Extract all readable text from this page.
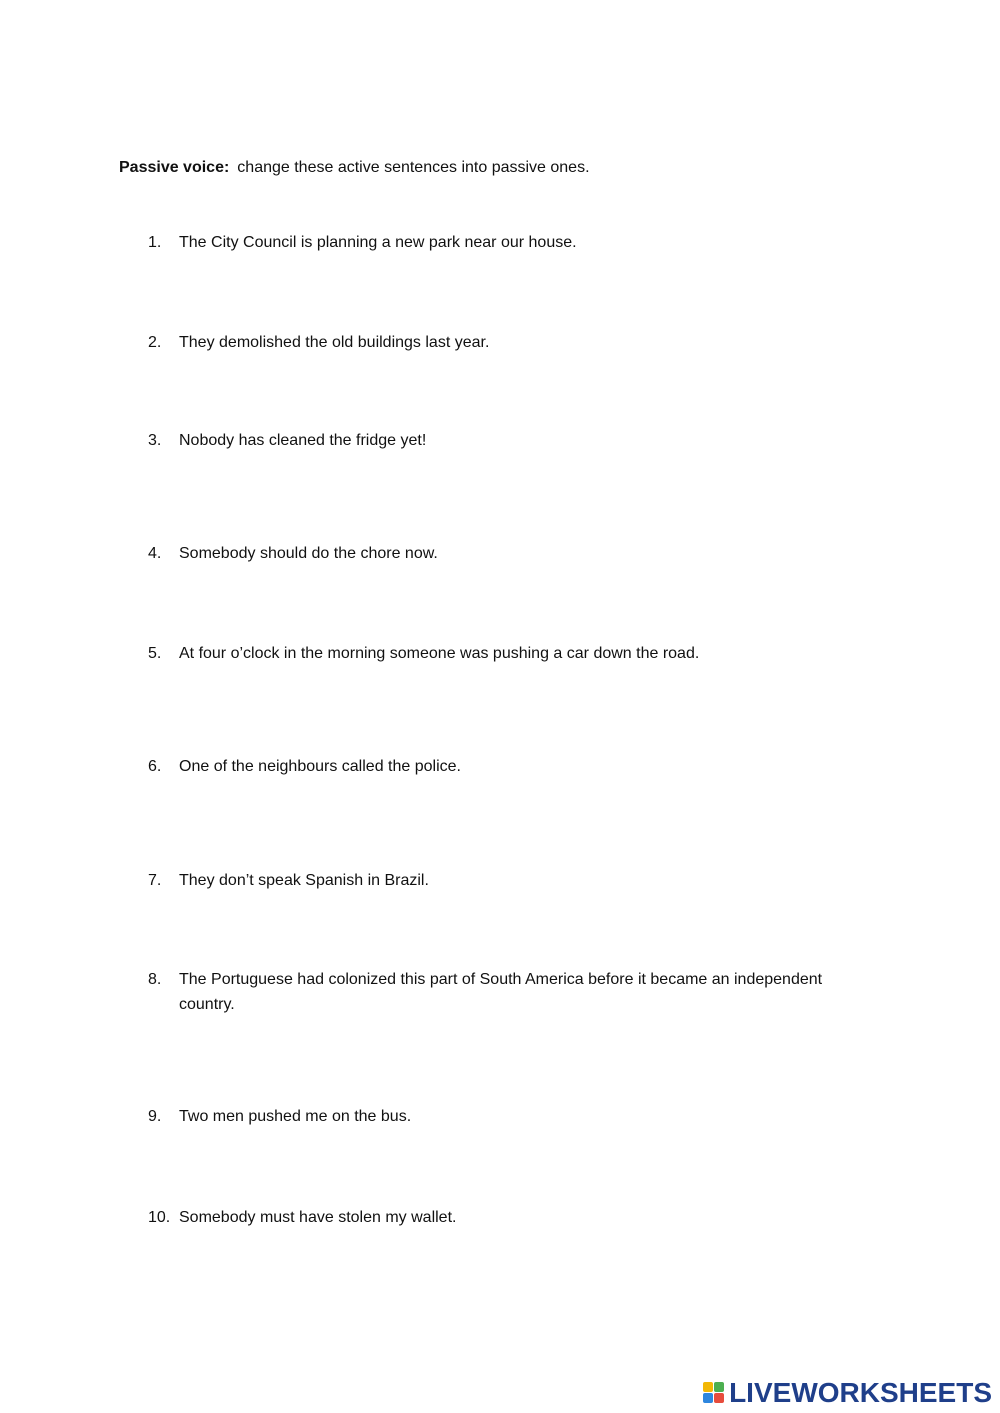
Passive voice: change these active sentences into passive ones.
1.	The City Council is planning a new park near our house.
2.	They demolished the old buildings last year.
3.	Nobody has cleaned the fridge yet!
4.	Somebody should do the chore now.
5.	At four o’clock in the morning someone was pushing a car down the road.
6.	One of the neighbours called the police.
7.	They don’t speak Spanish in Brazil.
8.	The Portuguese had colonized this part of South America before it became an independent country.
9.	Two men pushed me on the bus.
10. Somebody must have stolen my wallet.
LIVEWORKSHEETS
